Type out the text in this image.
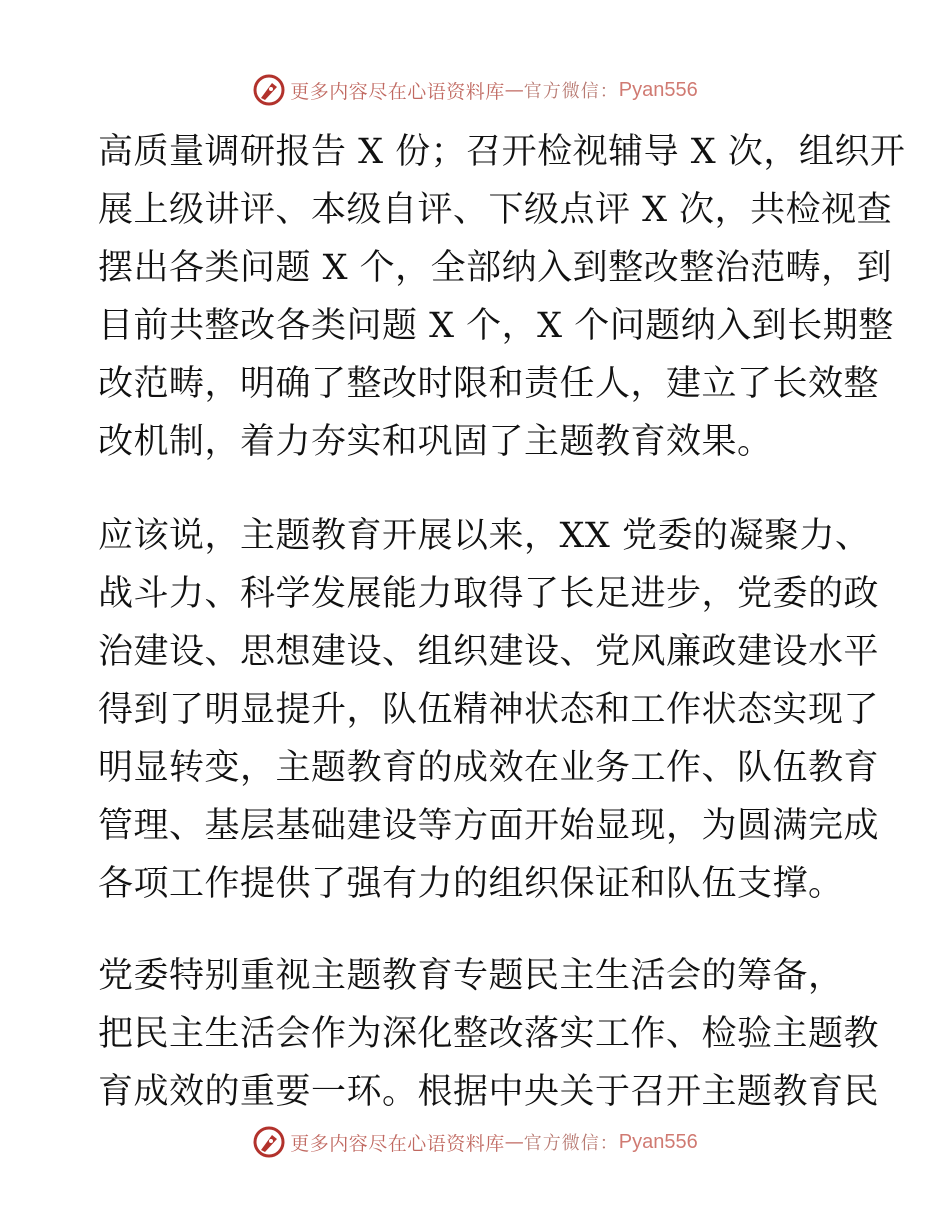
更多内容尽在心语资料库 — 官方微信： Pyan556

高质量调研报告 X 份；召开检视辅导 X 次，组织开
展上级讲评、本级自评、下级点评 X 次，共检视查
摆出各类问题 X 个，全部纳入到整改整治范畴，到
目前共整改各类问题 X 个，X 个问题纳入到长期整
改范畴，明确了整改时限和责任人，建立了长效整
改机制，着力夯实和巩固了主题教育效果。

应该说，主题教育开展以来，XX 党委的凝聚力、
战斗力、科学发展能力取得了长足进步，党委的政
治建设、思想建设、组织建设、党风廉政建设水平
得到了明显提升，队伍精神状态和工作状态实现了
明显转变，主题教育的成效在业务工作、队伍教育
管理、基层基础建设等方面开始显现，为圆满完成
各项工作提供了强有力的组织保证和队伍支撑。

党委特别重视主题教育专题民主生活会的筹备，
把民主生活会作为深化整改落实工作、检验主题教
育成效的重要一环。根据中央关于召开主题教育民

更多内容尽在心语资料库 — 官方微信： Pyan556
